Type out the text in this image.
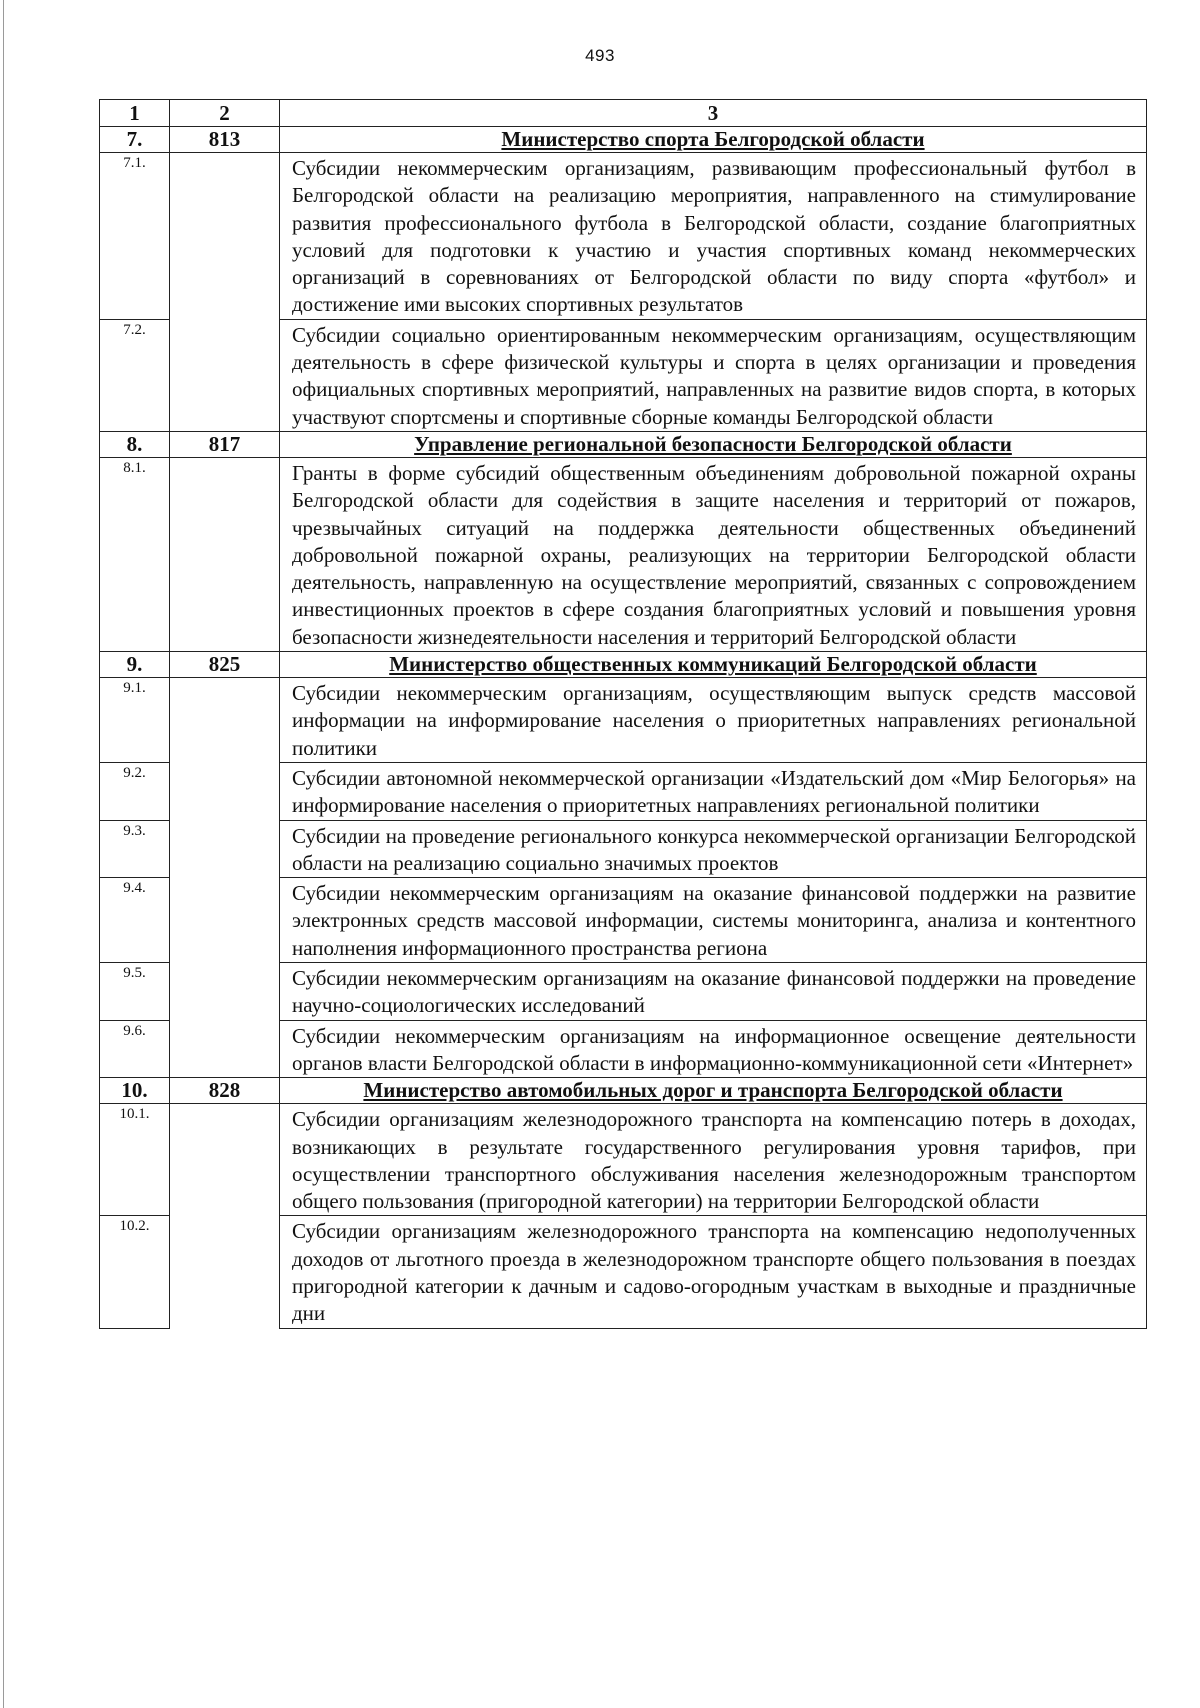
493
1	2	3
7.	813	Министерство спорта Белгородской области
7.1.		Субсидии некоммерческим организациям, развивающим профессиональный футбол в Белгородской области на реализацию мероприятия, направленного на стимулирование развития профессионального футбола в Белгородской области, создание благоприятных условий для подготовки к участию и участия спортивных команд некоммерческих организаций в соревнованиях от Белгородской области по виду спорта «футбол» и достижение ими высоких спортивных результатов
7.2.		Субсидии социально ориентированным некоммерческим организациям, осуществляющим деятельность в сфере физической культуры и спорта в целях организации и проведения официальных спортивных мероприятий, направленных на развитие видов спорта, в которых участвуют спортсмены и спортивные сборные команды Белгородской области
8.	817	Управление региональной безопасности Белгородской области
8.1.		Гранты в форме субсидий общественным объединениям добровольной пожарной охраны Белгородской области для содействия в защите населения и территорий от пожаров, чрезвычайных ситуаций на поддержка деятельности общественных объединений добровольной пожарной охраны, реализующих на территории Белгородской области деятельность, направленную на осуществление мероприятий, связанных с сопровождением инвестиционных проектов в сфере создания благоприятных условий и повышения уровня безопасности жизнедеятельности населения и территорий Белгородской области
9.	825	Министерство общественных коммуникаций Белгородской области
9.1.		Субсидии некоммерческим организациям, осуществляющим выпуск средств массовой информации на информирование населения о приоритетных направлениях региональной политики
9.2.		Субсидии автономной некоммерческой организации «Издательский дом «Мир Белогорья» на информирование населения о приоритетных направлениях региональной политики
9.3.		Субсидии на проведение регионального конкурса некоммерческой организации Белгородской области на реализацию социально значимых проектов
9.4.		Субсидии некоммерческим организациям на оказание финансовой поддержки на развитие электронных средств массовой информации, системы мониторинга, анализа и контентного наполнения информационного пространства региона
9.5.		Субсидии некоммерческим организациям на оказание финансовой поддержки на проведение научно-социологических исследований
9.6.		Субсидии некоммерческим организациям на информационное освещение деятельности органов власти Белгородской области в информационно-коммуникационной сети «Интернет»
10.	828	Министерство автомобильных дорог и транспорта Белгородской области
10.1.		Субсидии организациям железнодорожного транспорта на компенсацию потерь в доходах, возникающих в результате государственного регулирования уровня тарифов, при осуществлении транспортного обслуживания населения железнодорожным транспортом общего пользования (пригородной категории) на территории Белгородской области
10.2.		Субсидии организациям железнодорожного транспорта на компенсацию недополученных доходов от льготного проезда в железнодорожном транспорте общего пользования в поездах пригородной категории к дачным и садово-огородным участкам в выходные и праздничные дни
